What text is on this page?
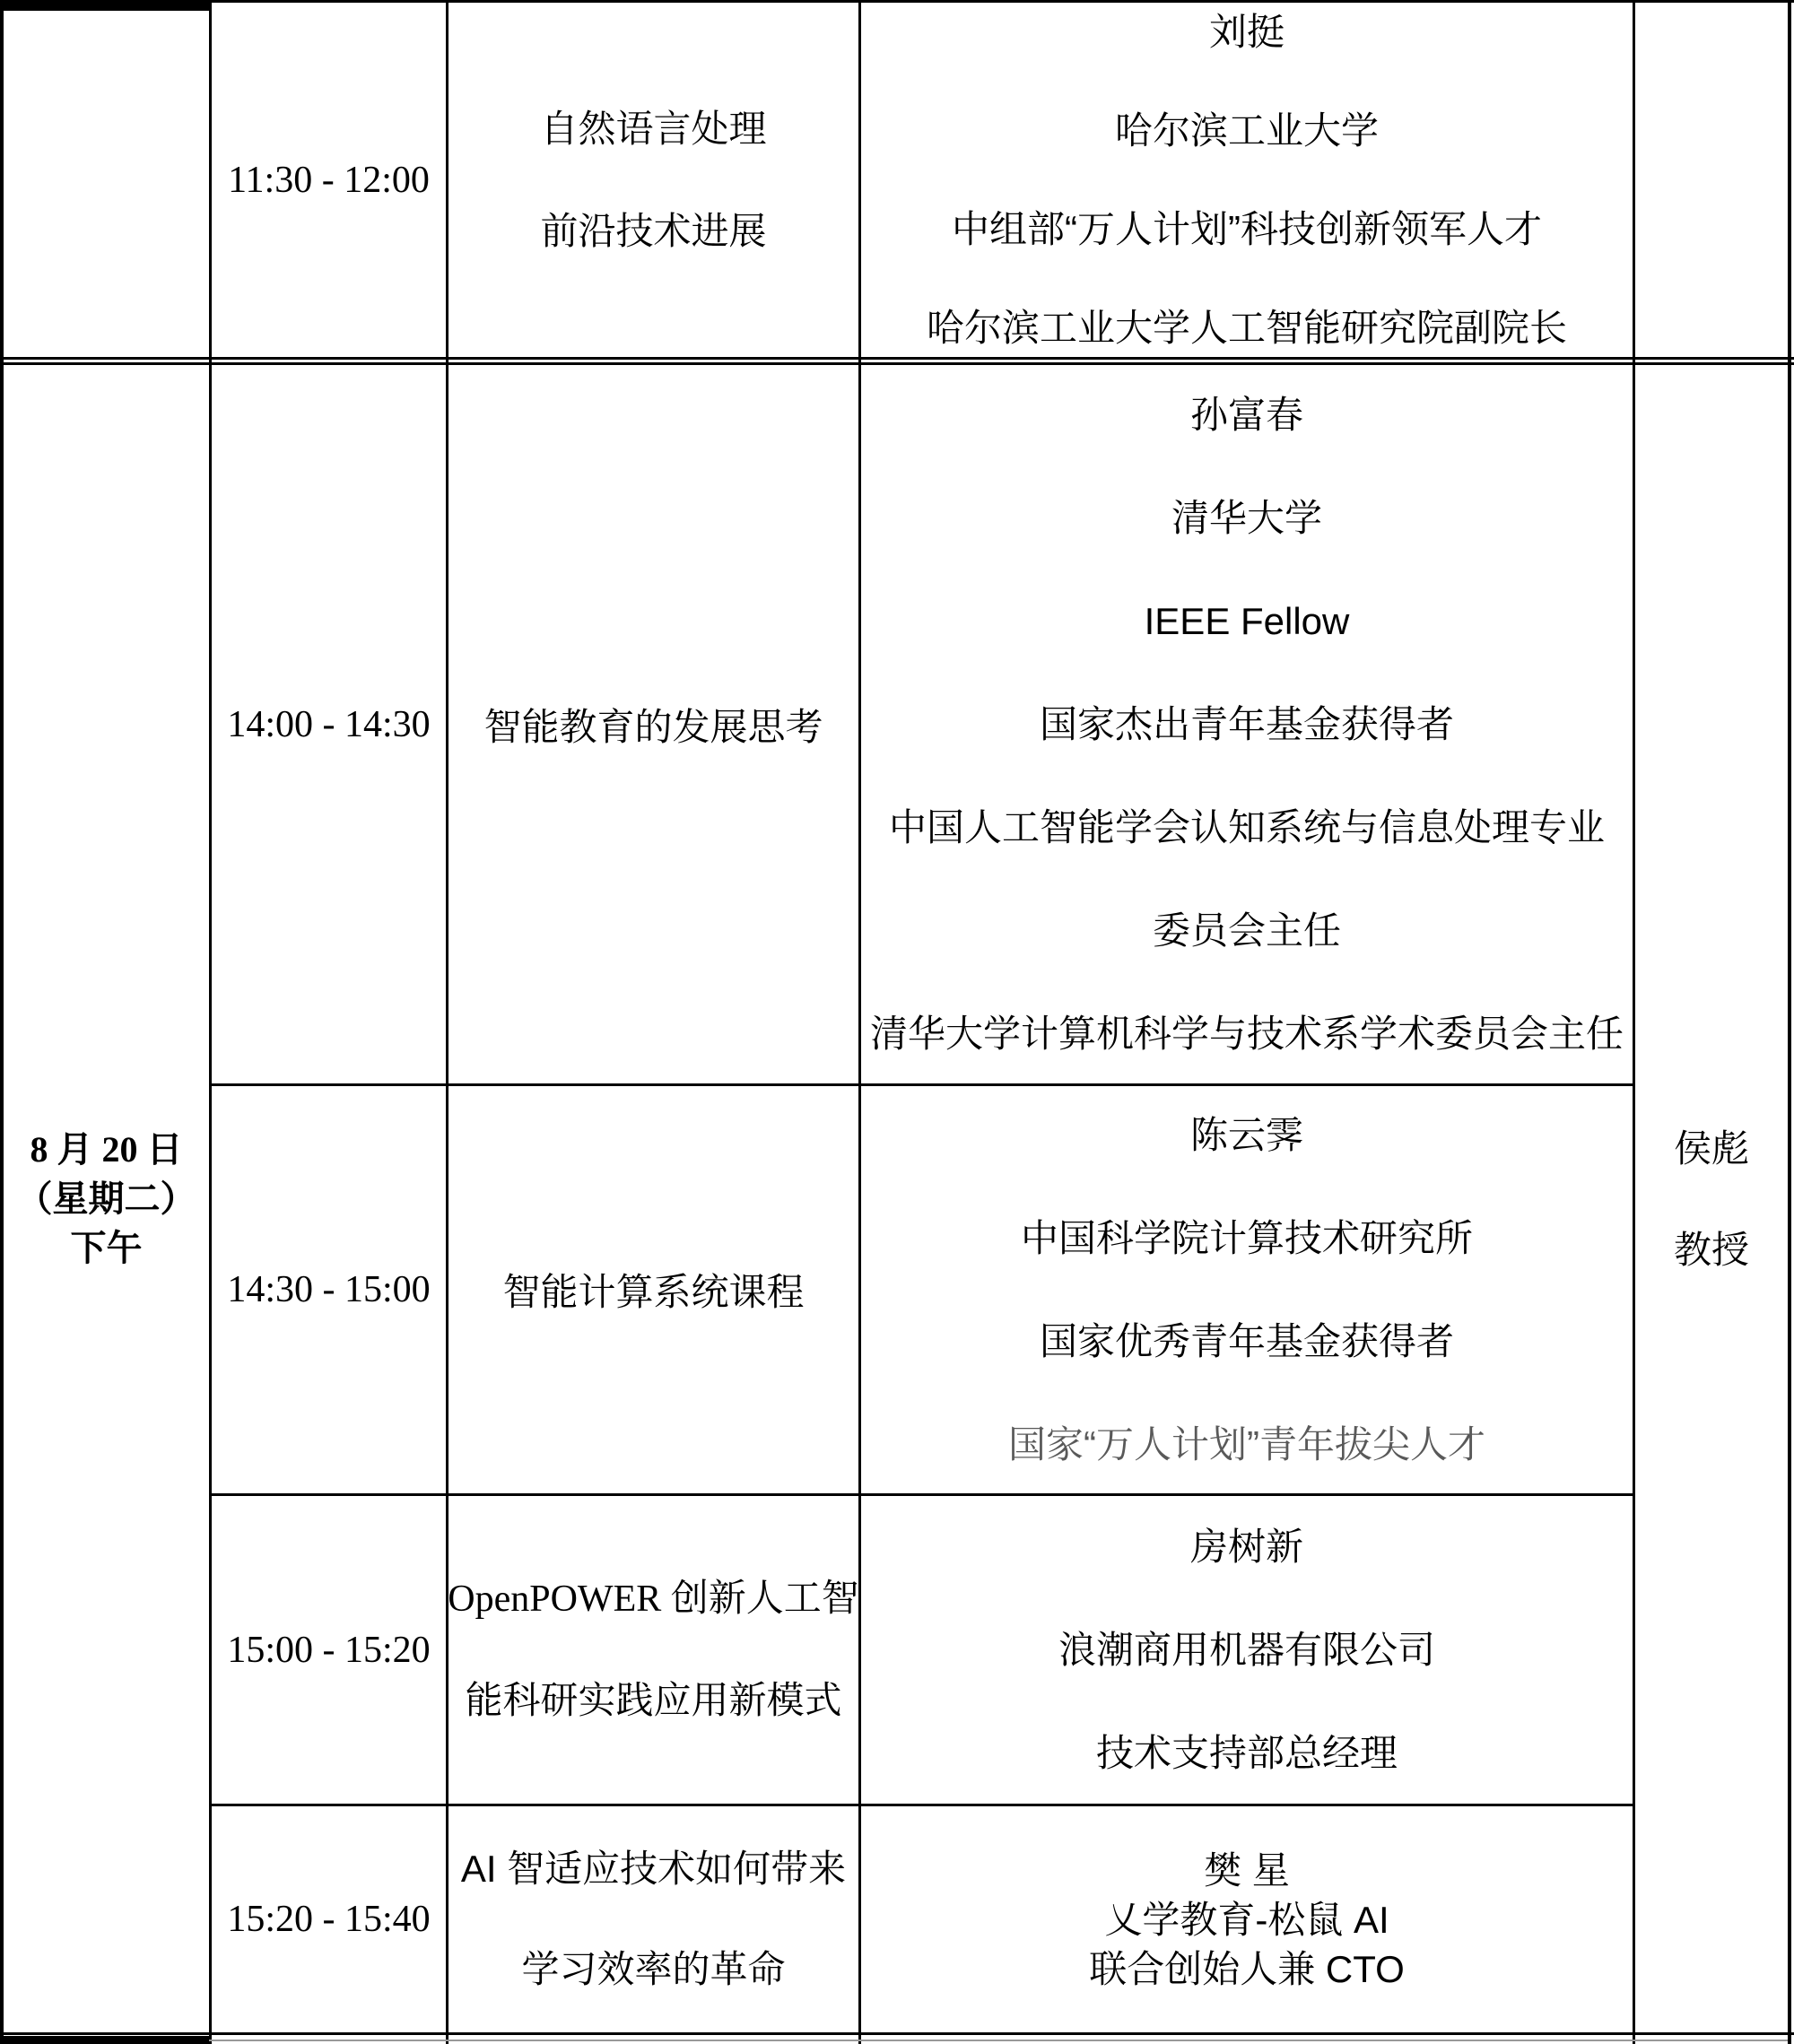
11:30 - 12:00
自然语言处理
前沿技术进展
刘挺
哈尔滨工业大学
中组部“万人计划”科技创新领军人才
哈尔滨工业大学人工智能研究院副院长
8 月 20 日
（星期二）
下午
侯彪
教授
14:00 - 14:30 智能教育的发展思考
孙富春
清华大学
IEEE Fellow
国家杰出青年基金获得者
中国人工智能学会认知系统与信息处理专业
委员会主任
清华大学计算机科学与技术系学术委员会主任
14:30 - 15:00 智能计算系统课程
陈云霁
中国科学院计算技术研究所
国家优秀青年基金获得者
国家“万人计划”青年拔尖人才
15:00 - 15:20
OpenPOWER 创新人工智
能科研实践应用新模式
房树新
浪潮商用机器有限公司
技术支持部总经理
15:20 - 15:40
AI 智适应技术如何带来
学习效率的革命
樊 星
乂学教育-松鼠 AI
联合创始人兼 CTO
